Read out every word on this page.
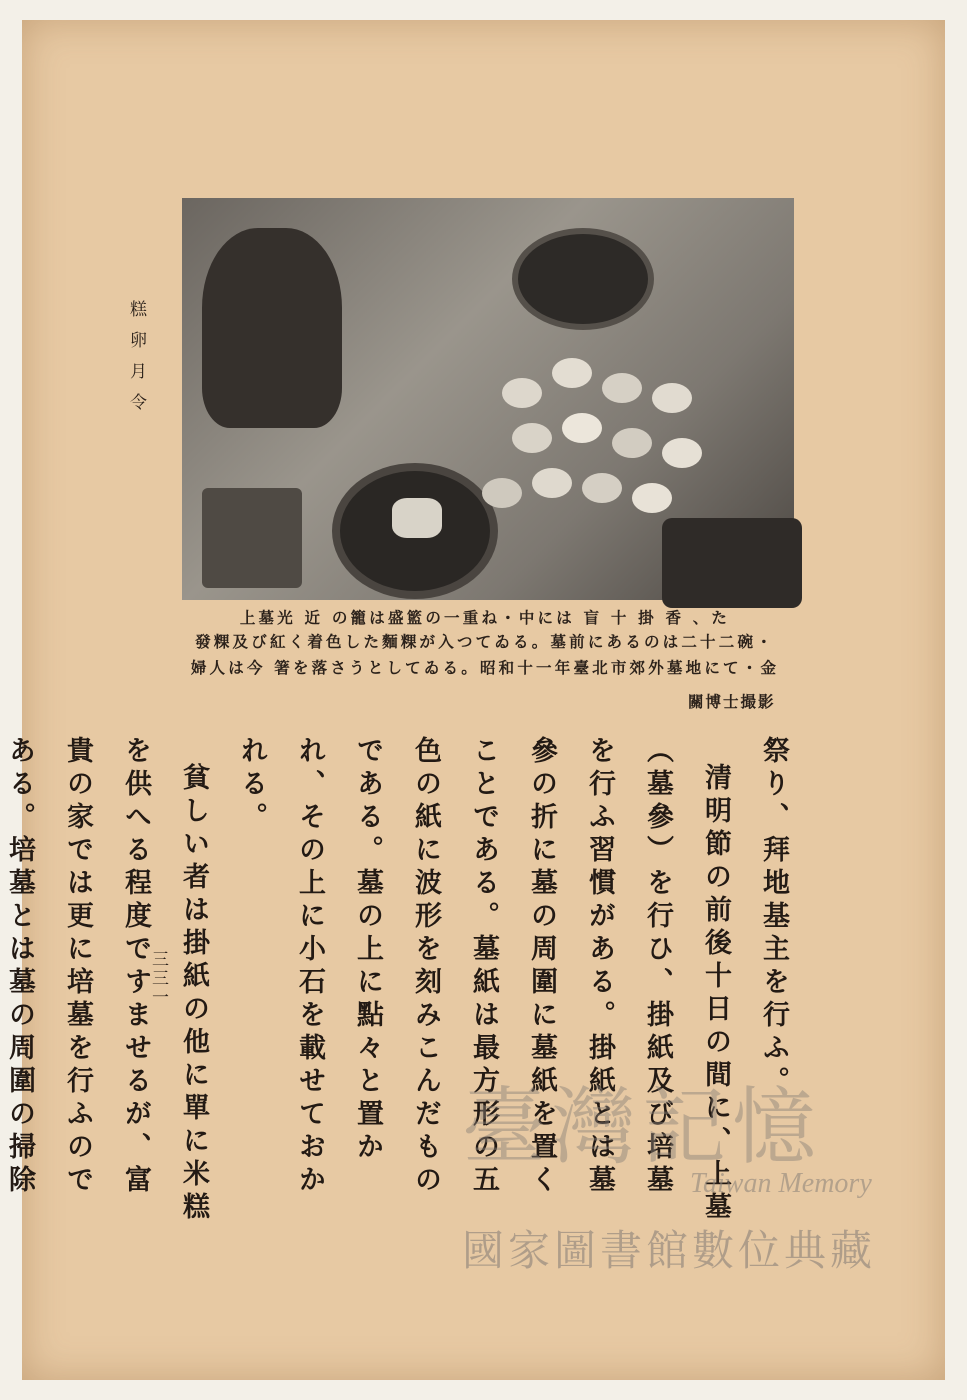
糕卵月令
上墓光 近 の籠は盛籃の一重ね・中には 盲 十 掛 香 、た
發粿及び紅く着色した麵粿が入つてゐる。墓前にあるのは二十二碗・
婦人は今 箸を落さうとしてゐる。昭和十一年臺北市郊外墓地にて・金
關博士撮影

祭り、拜地基主を行ふ。

清明節の前後十日の間に、上墓（墓參）を行ひ、掛紙及び培墓を行ふ習慣がある。掛紙とは墓參の折に墓の周圍に墓紙を置くことである。墓紙は最方形の五色の紙に波形を刻みこんだものである。墓の上に點々と置かれ、その上に小石を載せておかれる。

貧しい者は掛紙の他に單に米糕を供へる程度ですませるが、富貴の家では更に培墓を行ふのである。培墓とは墓の周圍の掃除

三三一
臺灣記憶
Taiwan Memory
國家圖書館數位典藏
